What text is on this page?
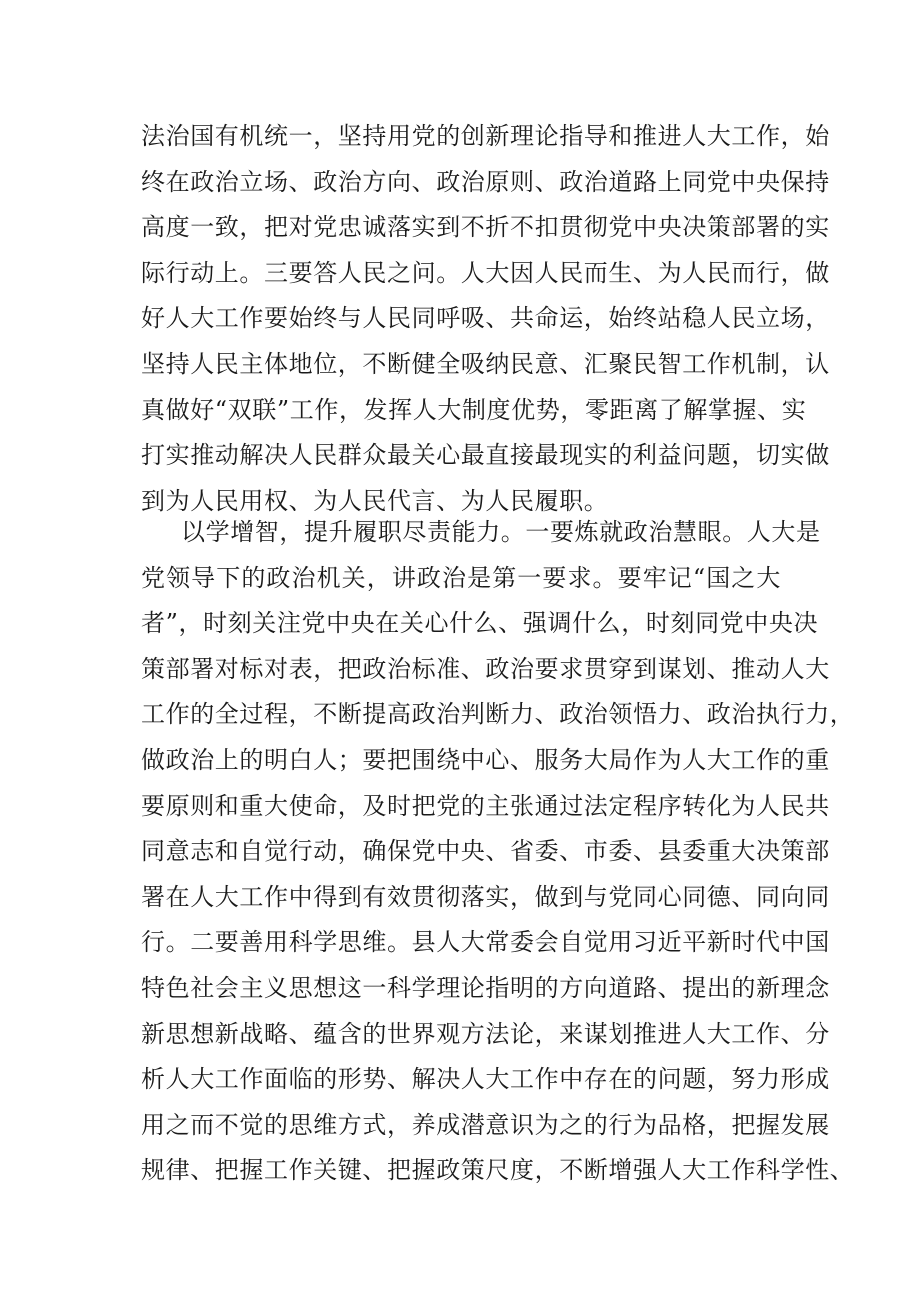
法治国有机统一，坚持用党的创新理论指导和推进人大工作，始
终在政治立场、政治方向、政治原则、政治道路上同党中央保持
高度一致，把对党忠诚落实到不折不扣贯彻党中央决策部署的实
际行动上。三要答人民之问。人大因人民而生、为人民而行，做
好人大工作要始终与人民同呼吸、共命运，始终站稳人民立场，
坚持人民主体地位，不断健全吸纳民意、汇聚民智工作机制，认
真做好“双联”工作，发挥人大制度优势，零距离了解掌握、实
打实推动解决人民群众最关心最直接最现实的利益问题，切实做
到为人民用权、为人民代言、为人民履职。
以学增智，提升履职尽责能力。一要炼就政治慧眼。人大是
党领导下的政治机关，讲政治是第一要求。要牢记“国之大
者”，时刻关注党中央在关心什么、强调什么，时刻同党中央决
策部署对标对表，把政治标准、政治要求贯穿到谋划、推动人大
工作的全过程，不断提高政治判断力、政治领悟力、政治执行力，
做政治上的明白人；要把围绕中心、服务大局作为人大工作的重
要原则和重大使命，及时把党的主张通过法定程序转化为人民共
同意志和自觉行动，确保党中央、省委、市委、县委重大决策部
署在人大工作中得到有效贯彻落实，做到与党同心同德、同向同
行。二要善用科学思维。县人大常委会自觉用习近平新时代中国
特色社会主义思想这一科学理论指明的方向道路、提出的新理念
新思想新战略、蕴含的世界观方法论，来谋划推进人大工作、分
析人大工作面临的形势、解决人大工作中存在的问题，努力形成
用之而不觉的思维方式，养成潜意识为之的行为品格，把握发展
规律、把握工作关键、把握政策尺度，不断增强人大工作科学性、
